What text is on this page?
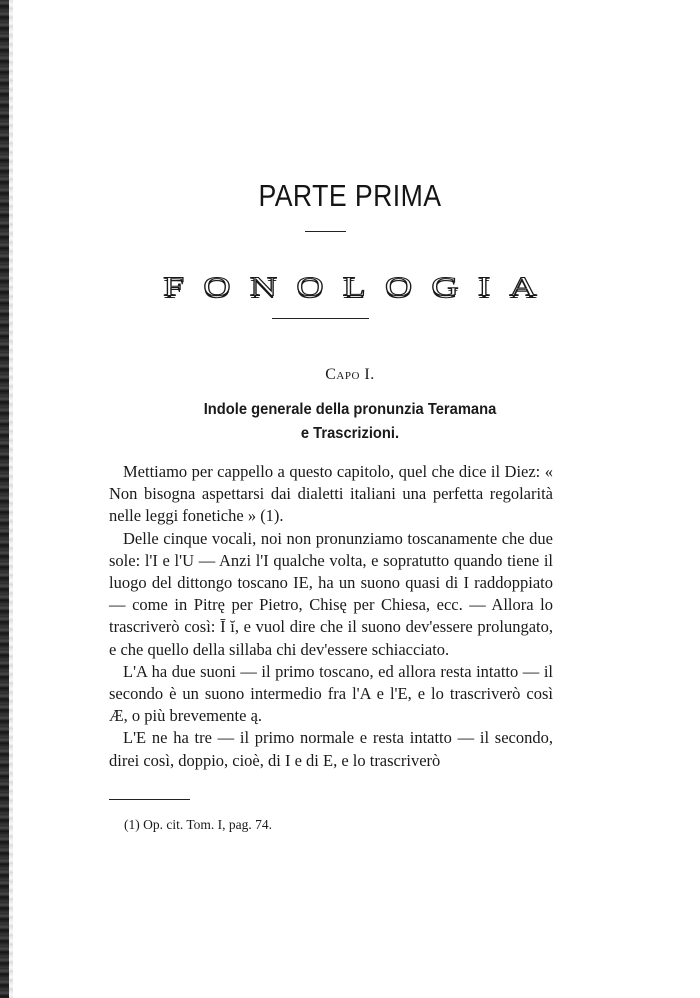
PARTE PRIMA
FONOLOGIA
Capo I.
Indole generale della pronunzia Teramana
e Trascrizioni.

Mettiamo per cappello a questo capitolo, quel che dice il Diez: « Non bisogna aspettarsi dai dialetti italiani una perfetta regolarità nelle leggi fonetiche » (1).

Delle cinque vocali, noi non pronunziamo toscanamente che due sole: l'I e l'U — Anzi l'I qualche volta, e sopratutto quando tiene il luogo del dittongo toscano IE, ha un suono quasi di I raddoppiato — come in Pitrę per Pietro, Chisę per Chiesa, ecc. — Allora lo trascriverò così: Ī ĭ, e vuol dire che il suono dev'essere prolungato, e che quello della sillaba chi dev'essere schiacciato.

L'A ha due suoni — il primo toscano, ed allora resta intatto — il secondo è un suono intermedio fra l'A e l'E, e lo trascriverò così Æ, o più brevemente ą.

L'E ne ha tre — il primo normale e resta intatto — il secondo, direi così, doppio, cioè, di I e di E, e lo trascriverò

(1) Op. cit. Tom. I, pag. 74.
